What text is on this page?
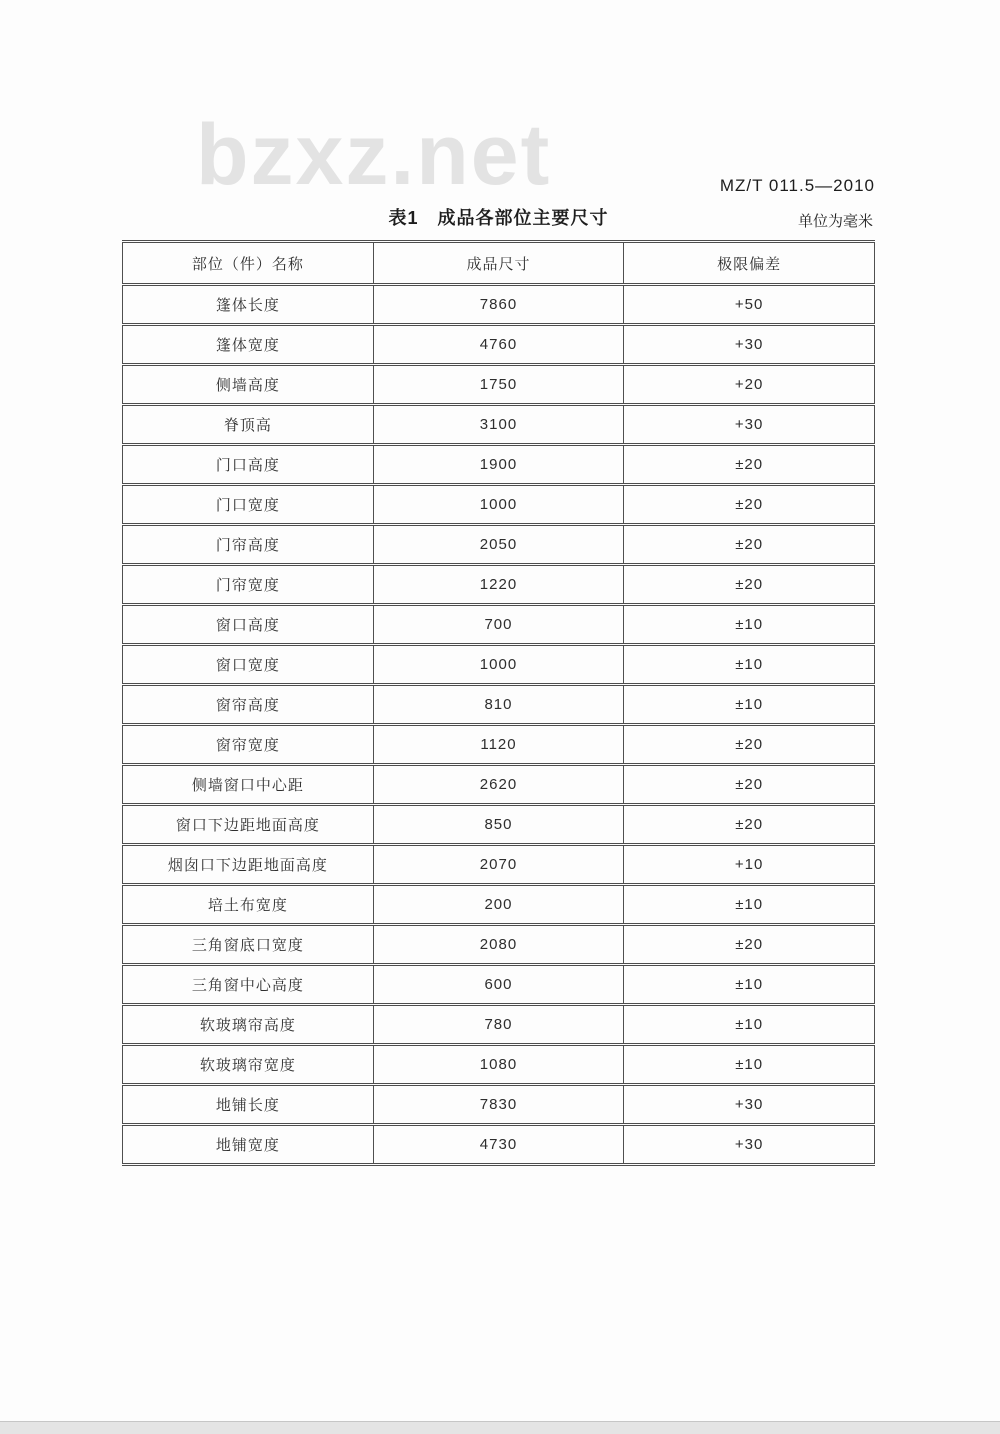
bzxz.net	MZ/T 011.5—2010
表1　成品各部位主要尺寸	单位为毫米
部位（件）名称	成品尺寸	极限偏差
篷体长度	7860	+50
篷体宽度	4760	+30
侧墙高度	1750	+20
脊顶高	3100	+30
门口高度	1900	±20
门口宽度	1000	±20
门帘高度	2050	±20
门帘宽度	1220	±20
窗口高度	700	±10
窗口宽度	1000	±10
窗帘高度	810	±10
窗帘宽度	1120	±20
侧墙窗口中心距	2620	±20
窗口下边距地面高度	850	±20
烟囱口下边距地面高度	2070	+10
培土布宽度	200	±10
三角窗底口宽度	2080	±20
三角窗中心高度	600	±10
软玻璃帘高度	780	±10
软玻璃帘宽度	1080	±10
地铺长度	7830	+30
地铺宽度	4730	+30
